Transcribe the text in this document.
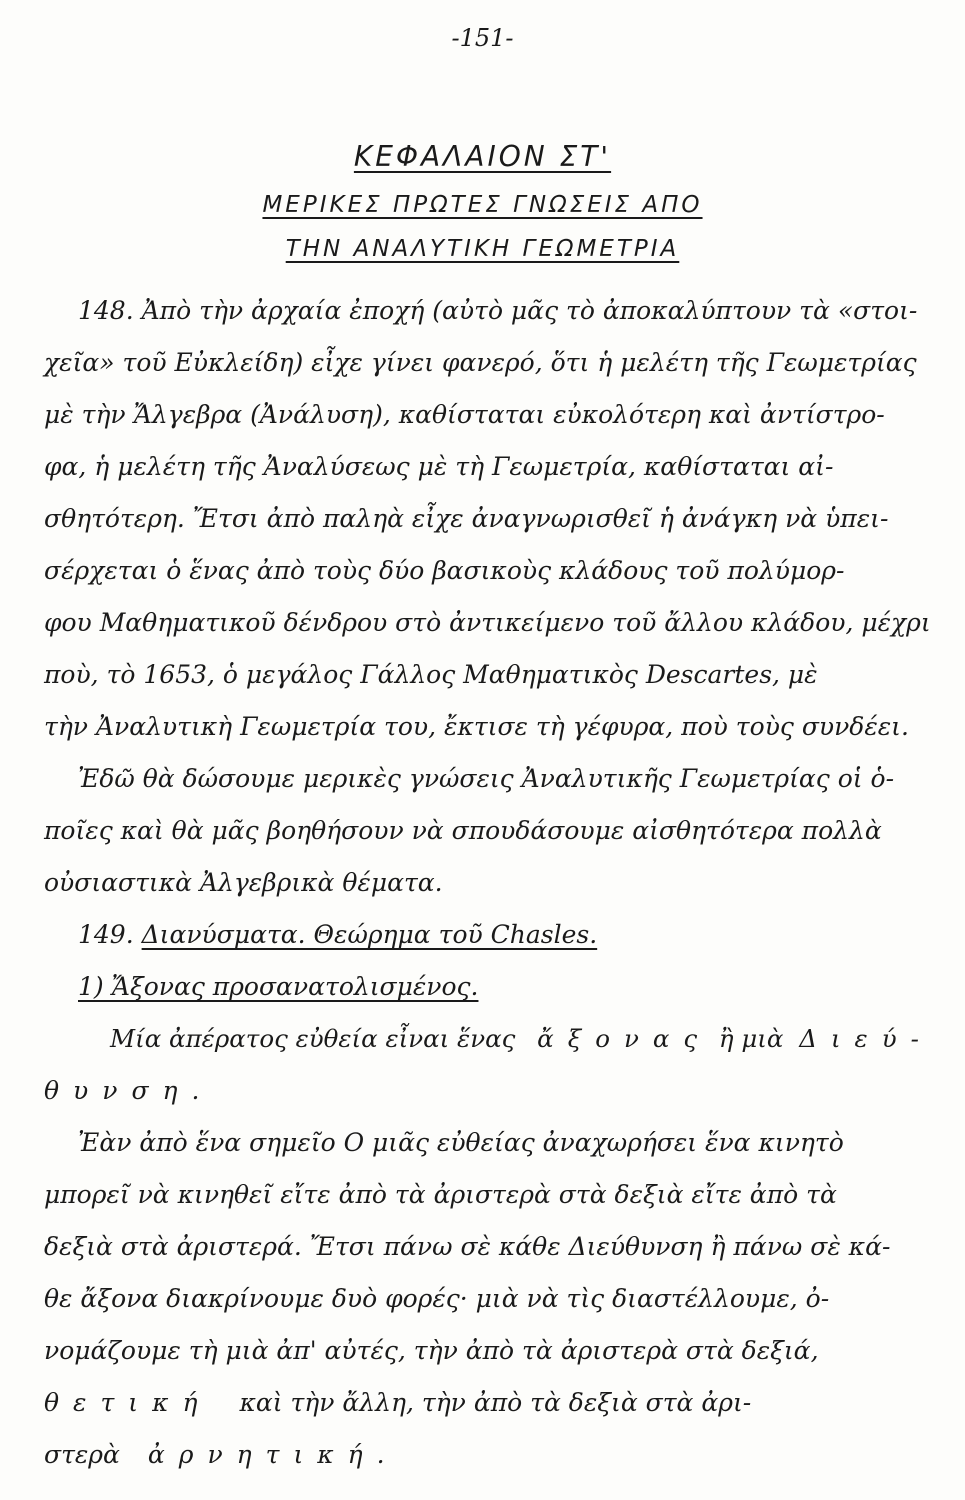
-151-
ΚΕΦΑΛΑΙΟΝ ΣΤ'
ΜΕΡΙΚΕΣ ΠΡΩΤΕΣ ΓΝΩΣΕΙΣ ΑΠΟ
ΤΗΝ ΑΝΑΛΥΤΙΚΗ ΓΕΩΜΕΤΡΙΑ
148. Ἀπὸ τὴν ἀρχαία ἐποχή (αὐτὸ μᾶς τὸ ἀποκαλύπτουν τὰ «στοι-
χεῖα» τοῦ Εὐκλείδη) εἶχε γίνει φανερό, ὅτι ἡ μελέτη τῆς Γεωμετρίας
μὲ τὴν Ἄλγεβρα (Ἀνάλυση), καθίσταται εὐκολότερη καὶ ἀντίστρο-
φα, ἡ μελέτη τῆς Ἀναλύσεως μὲ τὴ Γεωμετρία, καθίσταται αἰ-
σθητότερη. Ἔτσι ἀπὸ παληὰ εἶχε ἀναγνωρισθεῖ ἡ ἀνάγκη νὰ ὑπει-
σέρχεται ὁ ἕνας ἀπὸ τοὺς δύο βασικοὺς κλάδους τοῦ πολύμορ-
φου Μαθηματικοῦ δένδρου στὸ ἀντικείμενο τοῦ ἄλλου κλάδου, μέχρι
ποὺ, τὸ 1653, ὁ μεγάλος Γάλλος Μαθηματικὸς Descartes, μὲ
τὴν Ἀναλυτικὴ Γεωμετρία του, ἔκτισε τὴ γέφυρα, ποὺ τοὺς συνδέει.
Ἐδῶ θὰ δώσουμε μερικὲς γνώσεις Ἀναλυτικῆς Γεωμετρίας οἱ ὁ-
ποῖες καὶ θὰ μᾶς βοηθήσουν νὰ σπουδάσουμε αἰσθητότερα πολλὰ
οὐσιαστικὰ Ἀλγεβρικὰ θέματα.
149. Διανύσματα. Θεώρημα τοῦ Chasles.
1) Ἄξονας προσανατολισμένος.
Μία ἀπέρατος εὐθεία εἶναι ἕνας ἄξονας ἢ μιὰ Διεύ-
θυνση.
Ἐὰν ἀπὸ ἕνα σημεῖο Ο μιᾶς εὐθείας ἀναχωρήσει ἕνα κινητὸ
μπορεῖ νὰ κινηθεῖ εἴτε ἀπὸ τὰ ἀριστερὰ στὰ δεξιὰ εἴτε ἀπὸ τὰ
δεξιὰ στὰ ἀριστερά. Ἔτσι πάνω σὲ κάθε Διεύθυνση ἢ πάνω σὲ κά-
θε ἄξονα διακρίνουμε δυὸ φορές· μιὰ νὰ τὶς διαστέλλουμε, ὀ-
νομάζουμε τὴ μιὰ ἀπ' αὐτές, τὴν ἀπὸ τὰ ἀριστερὰ στὰ δεξιά,
θετική καὶ τὴν ἄλλη, τὴν ἀπὸ τὰ δεξιὰ στὰ ἀρι-
στερὰ ἀρνητική.
